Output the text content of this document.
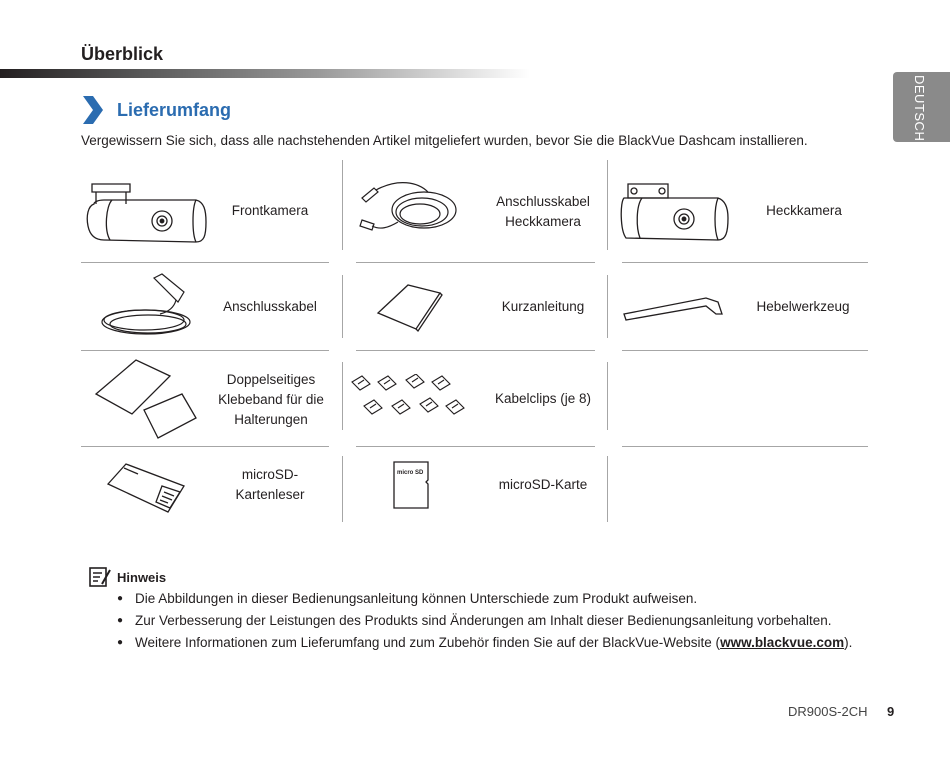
Überblick
DEUTSCH
Lieferumfang
Vergewissern Sie sich, dass alle nachstehenden Artikel mitgeliefert wurden, bevor Sie die BlackVue Dashcam installieren.
Frontkamera
Anschlusskabel
Heckkamera
Heckkamera
Anschlusskabel	Kurzanleitung	Hebelwerkzeug
Doppelseitiges
Klebeband für die
Halterungen
Kabelclips (je 8)
microSD-
Kartenleser
micro SD
microSD-Karte
Hinweis
● Die Abbildungen in dieser Bedienungsanleitung können Unterschiede zum Produkt aufweisen.
● Zur Verbesserung der Leistungen des Produkts sind Änderungen am Inhalt dieser Bedienungsanleitung vorbehalten.
● Weitere Informationen zum Lieferumfang und zum Zubehör finden Sie auf der BlackVue-Website (www.blackvue.com).
DR900S-2CH 9
